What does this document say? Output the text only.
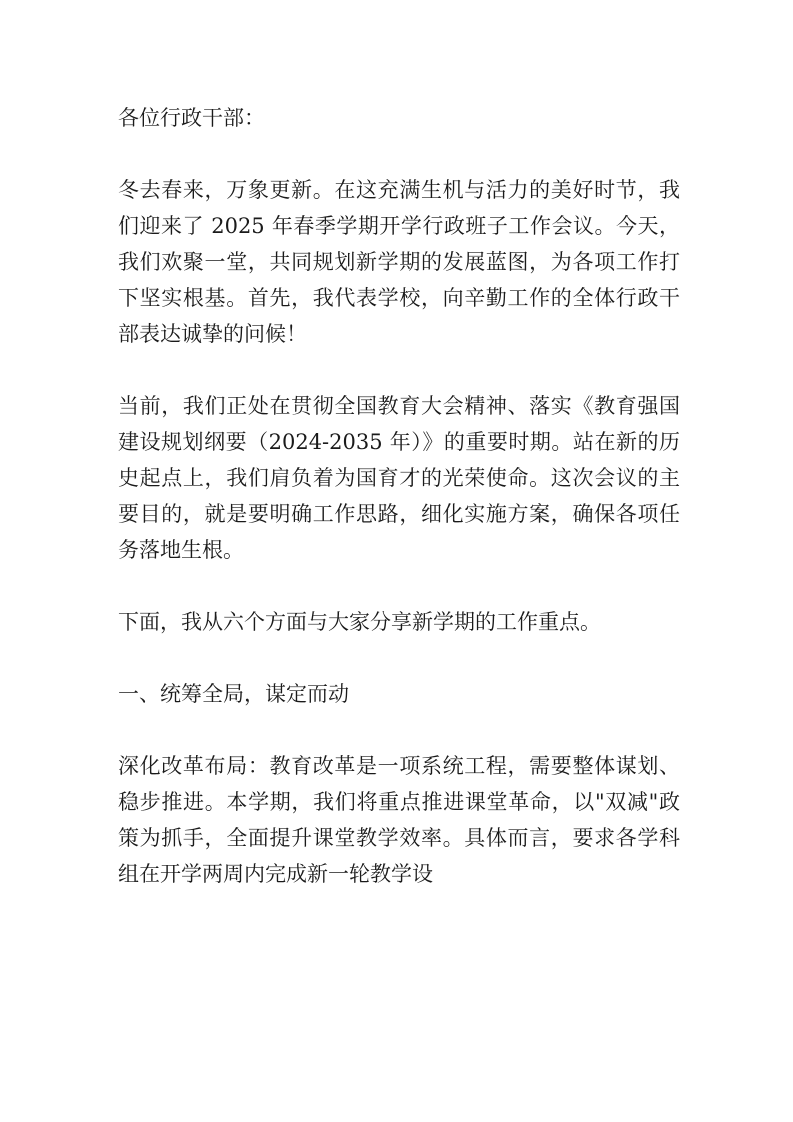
各位行政干部：

冬去春来，万象更新。在这充满生机与活力的美好时节，我们迎来了 2025 年春季学期开学行政班子工作会议。今天，我们欢聚一堂，共同规划新学期的发展蓝图，为各项工作打下坚实根基。首先，我代表学校，向辛勤工作的全体行政干部表达诚挚的问候！

当前，我们正处在贯彻全国教育大会精神、落实《教育强国建设规划纲要（2024-2035 年）》的重要时期。站在新的历史起点上，我们肩负着为国育才的光荣使命。这次会议的主要目的，就是要明确工作思路，细化实施方案，确保各项任务落地生根。

下面，我从六个方面与大家分享新学期的工作重点。

一、统筹全局，谋定而动

深化改革布局：教育改革是一项系统工程，需要整体谋划、稳步推进。本学期，我们将重点推进课堂革命，以"双减"政策为抓手，全面提升课堂教学效率。具体而言，要求各学科组在开学两周内完成新一轮教学设
